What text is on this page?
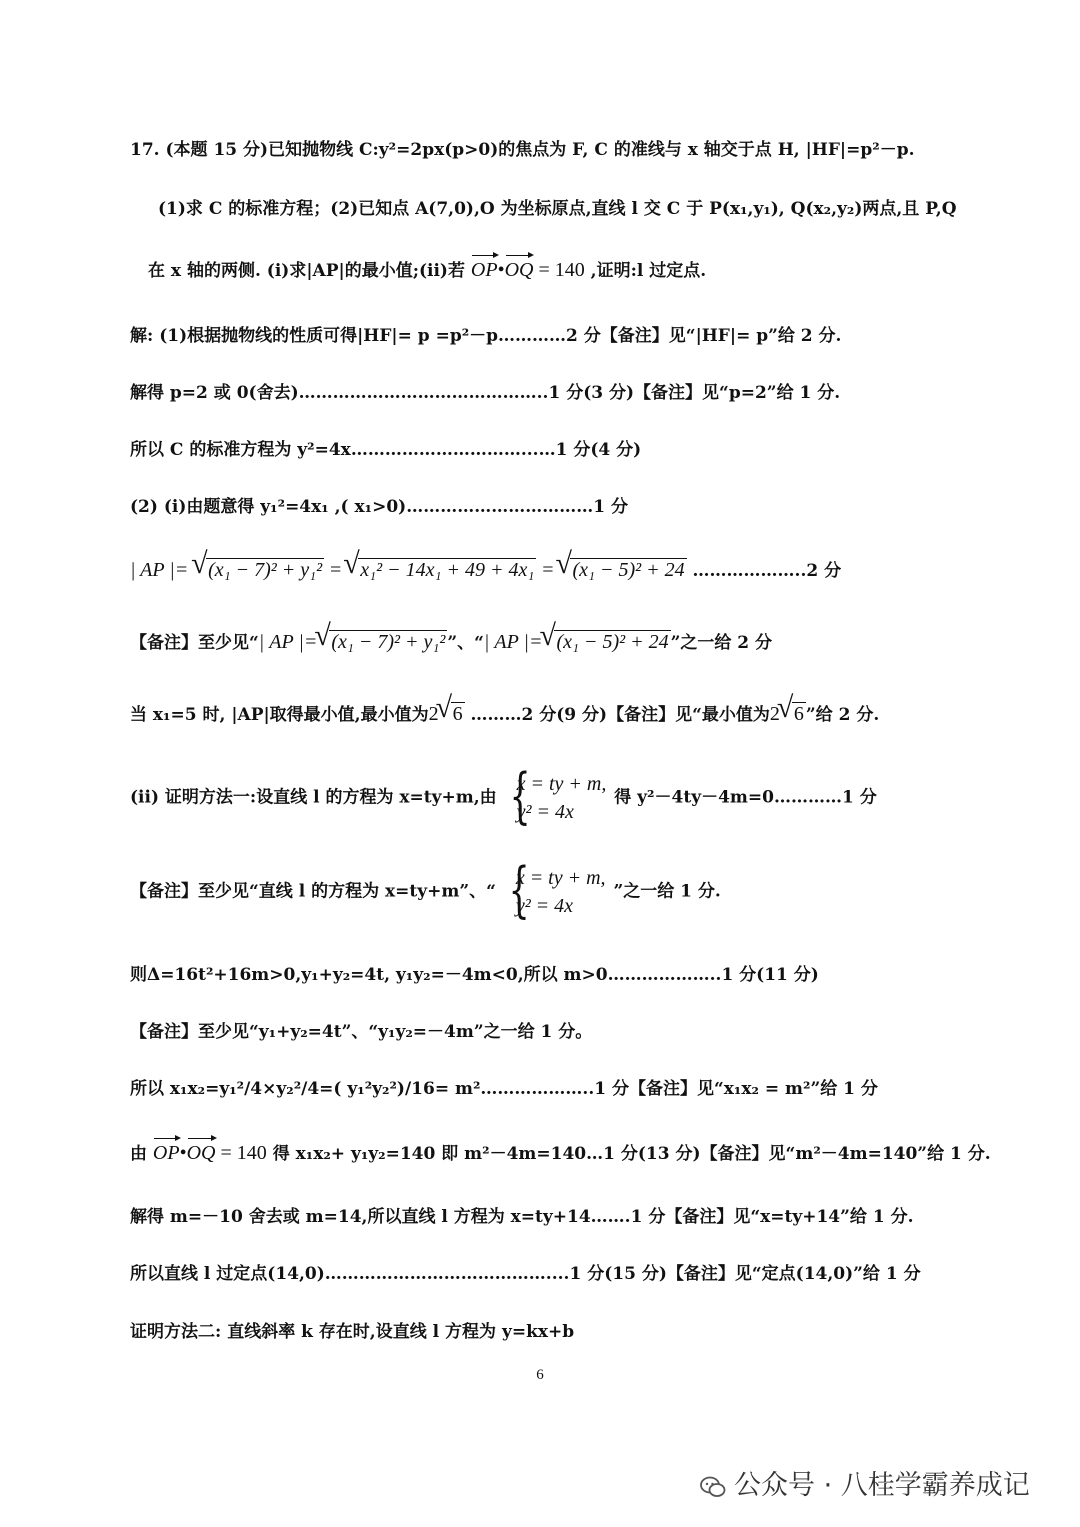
17. (本题 15 分)已知抛物线 C:y²=2px(p>0)的焦点为 F, C 的准线与 x 轴交于点 H, |HF|=p²－p.
(1)求 C 的标准方程；(2)已知点 A(7,0),O 为坐标原点,直线 l 交 C 于 P(x₁,y₁), Q(x₂,y₂)两点,且 P,Q
在 x 轴的两侧. (i)求|AP|的最小值;(ii)若 OP•OQ = 140 ,证明:l 过定点.
解: (1)根据抛物线的性质可得|HF|= p =p²－p…………2 分【备注】见“|HF|= p”给 2 分.
解得 p=2 或 0(舍去)……………………………………..1 分(3 分)【备注】见“p=2”给 1 分.
所以 C 的标准方程为 y²=4x…………………………...…1 分(4 分)
(2) (i)由题意得 y₁²=4x₁ ,( x₁>0)……………………………1 分
| AP |= √ (x₁ − 7)² + y₁² = √ x₁² − 14x₁ + 49 + 4x₁ = √ (x₁ − 5)² + 24 ………………..2 分
【备注】至少见“| AP |= √ (x₁ − 7)² + y₁² ”、“| AP |= √ (x₁ − 5)² + 24 ”之一给 2 分
当 x₁=5 时, |AP|取得最小值,最小值为2 √ 6 ………2 分(9 分)【备注】见“最小值为2 √ 6 ”给 2 分.
(ii) 证明方法一:设直线 l 的方程为 x=ty+m,由
{ x = ty + m,
y² = 4x
得 y²－4ty－4m=0…………1 分
【备注】至少见“直线 l 的方程为 x=ty+m”、“
{ x = ty + m,
y² = 4x
”之一给 1 分.
则Δ=16t²+16m>0,y₁+y₂=4t, y₁y₂=－4m<0,所以 m>0………………..1 分(11 分)
【备注】至少见“y₁+y₂=4t”、“y₁y₂=－4m”之一给 1 分。
所以 x₁x₂=y₁²/4×y₂²/4=( y₁²y₂²)/16= m²………………..1 分【备注】见“x₁x₂ = m²”给 1 分
由 OP•OQ = 140 得 x₁x₂+ y₁y₂=140 即 m²－4m=140…1 分(13 分)【备注】见“m²－4m=140”给 1 分.
解得 m=－10 舍去或 m=14,所以直线 l 方程为 x=ty+14…….1 分【备注】见“x=ty+14”给 1 分.
所以直线 l 过定点(14,0)…………………………………....1 分(15 分)【备注】见“定点(14,0)”给 1 分
证明方法二: 直线斜率 k 存在时,设直线 l 方程为 y=kx+b
6
公众号 · 八桂学霸养成记
